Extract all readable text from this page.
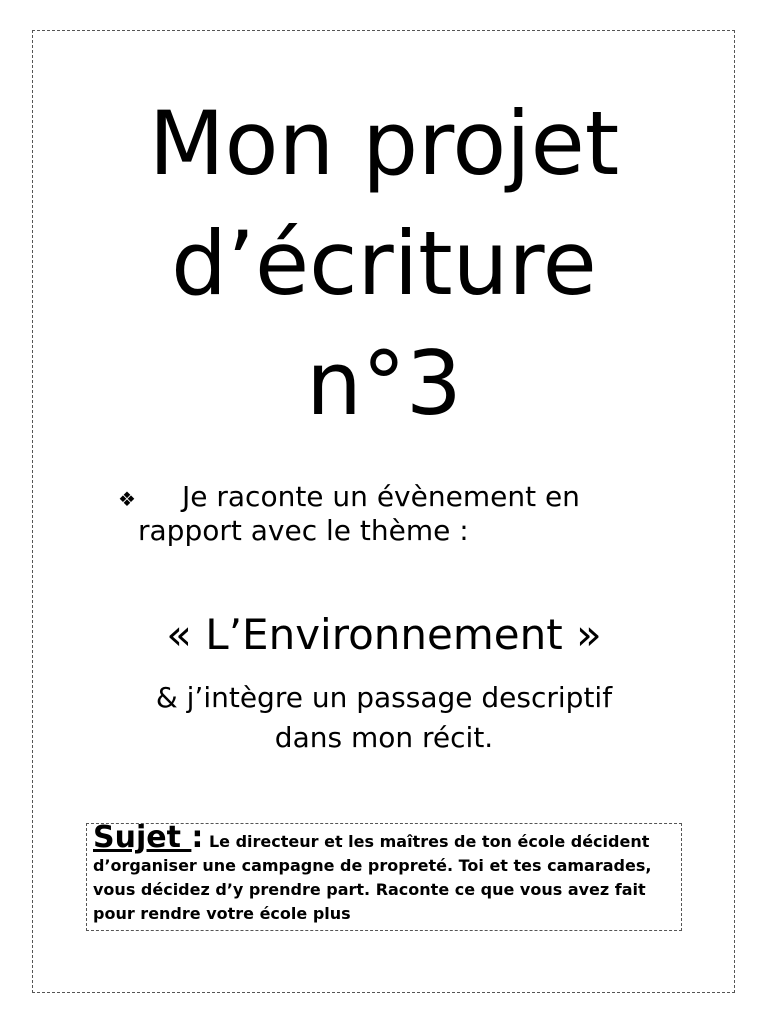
Mon projet
d’écriture
n°3
❖	Je raconte un évènement en
rapport avec le thème :
« L’Environnement »
& j’intègre un passage descriptif
dans mon récit.
Sujet : Le directeur et les maîtres de ton école décident d’organiser une campagne de propreté. Toi et tes camarades, vous décidez d’y prendre part. Raconte ce que vous avez fait pour rendre votre école plus
